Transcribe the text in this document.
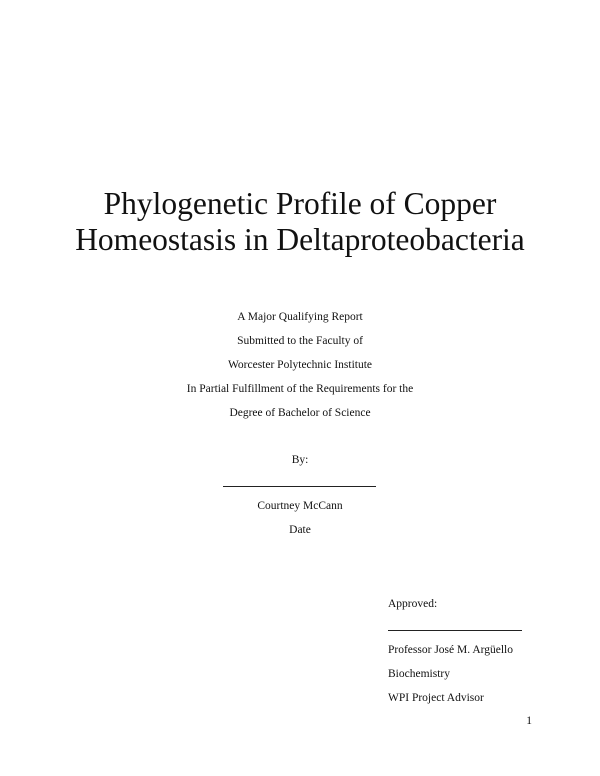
Phylogenetic Profile of Copper
Homeostasis in Deltaproteobacteria
A Major Qualifying Report
Submitted to the Faculty of
Worcester Polytechnic Institute
In Partial Fulfillment of the Requirements for the
Degree of Bachelor of Science
By:
Courtney McCann
Date
Approved:
Professor José M. Argüello
Biochemistry
WPI Project Advisor
1
